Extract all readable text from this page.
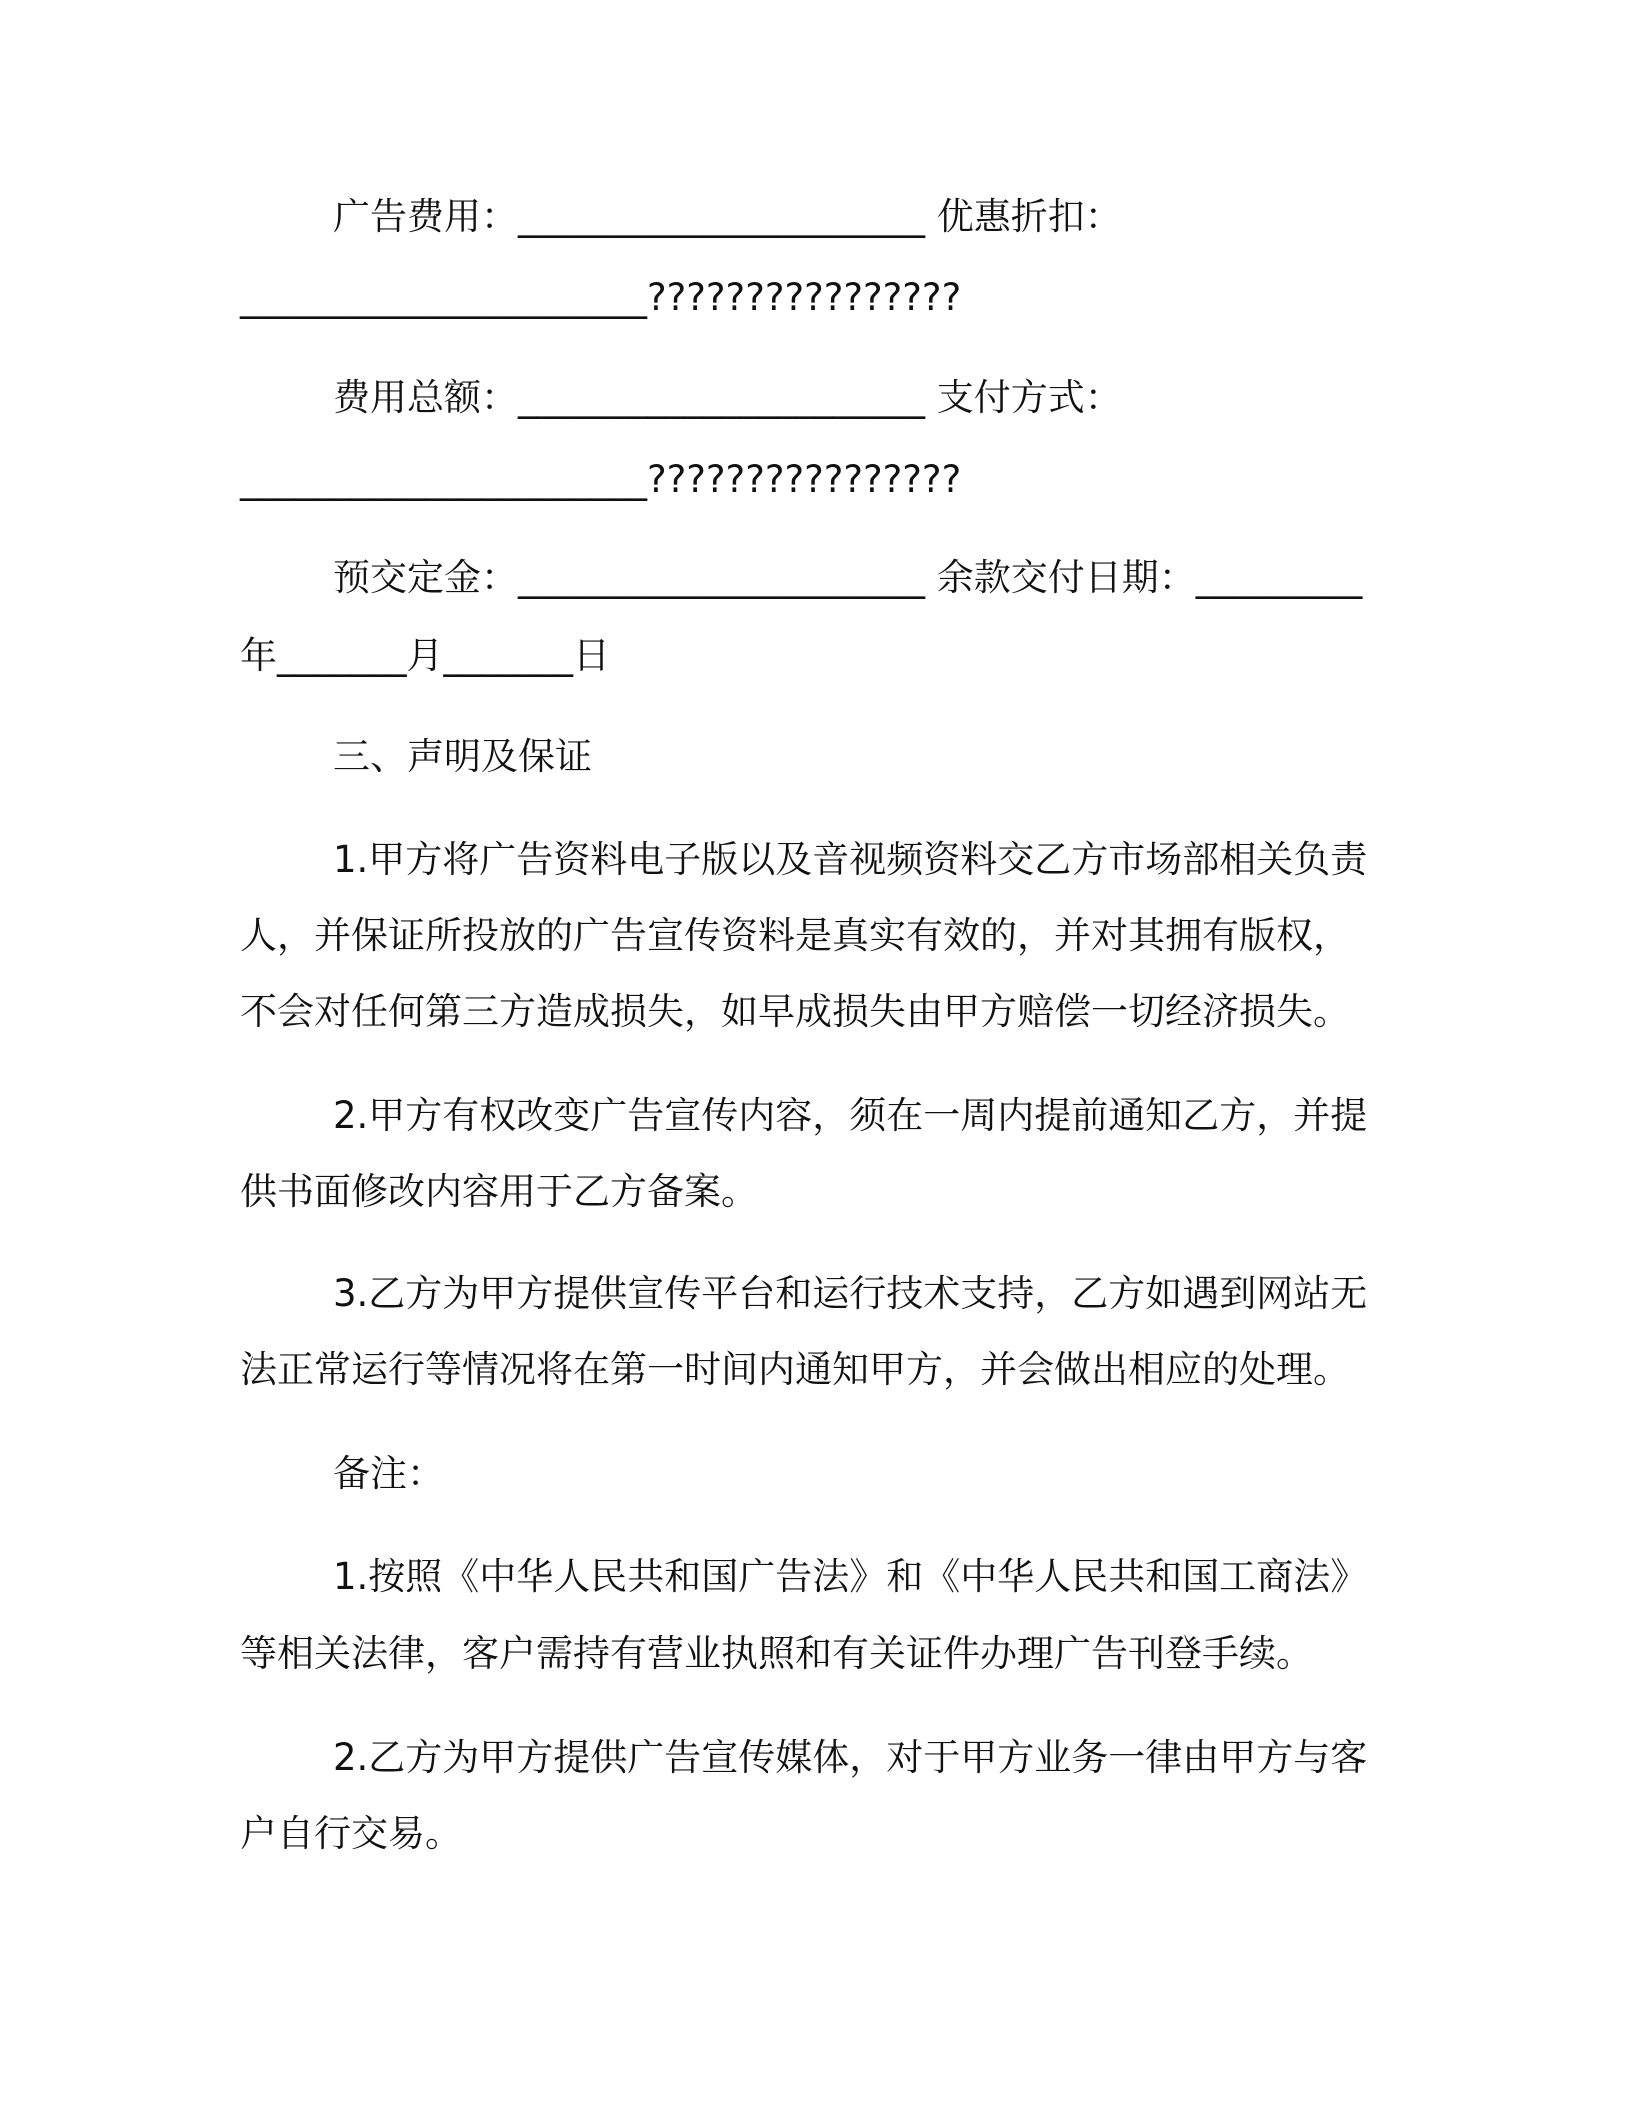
广告费用：______________________ 优惠折扣：
______________________????????????????
费用总额：______________________ 支付方式：
______________________????????????????
预交定金：______________________ 余款交付日期：_________
年_______月_______日
三、声明及保证
1.甲方将广告资料电子版以及音视频资料交乙方市场部相关负责
人，并保证所投放的广告宣传资料是真实有效的，并对其拥有版权，
不会对任何第三方造成损失，如早成损失由甲方赔偿一切经济损失。
2.甲方有权改变广告宣传内容，须在一周内提前通知乙方，并提
供书面修改内容用于乙方备案。
3.乙方为甲方提供宣传平台和运行技术支持，乙方如遇到网站无
法正常运行等情况将在第一时间内通知甲方，并会做出相应的处理。
备注：
1.按照《中华人民共和国广告法》和《中华人民共和国工商法》
等相关法律，客户需持有营业执照和有关证件办理广告刊登手续。
2.乙方为甲方提供广告宣传媒体，对于甲方业务一律由甲方与客
户自行交易。
